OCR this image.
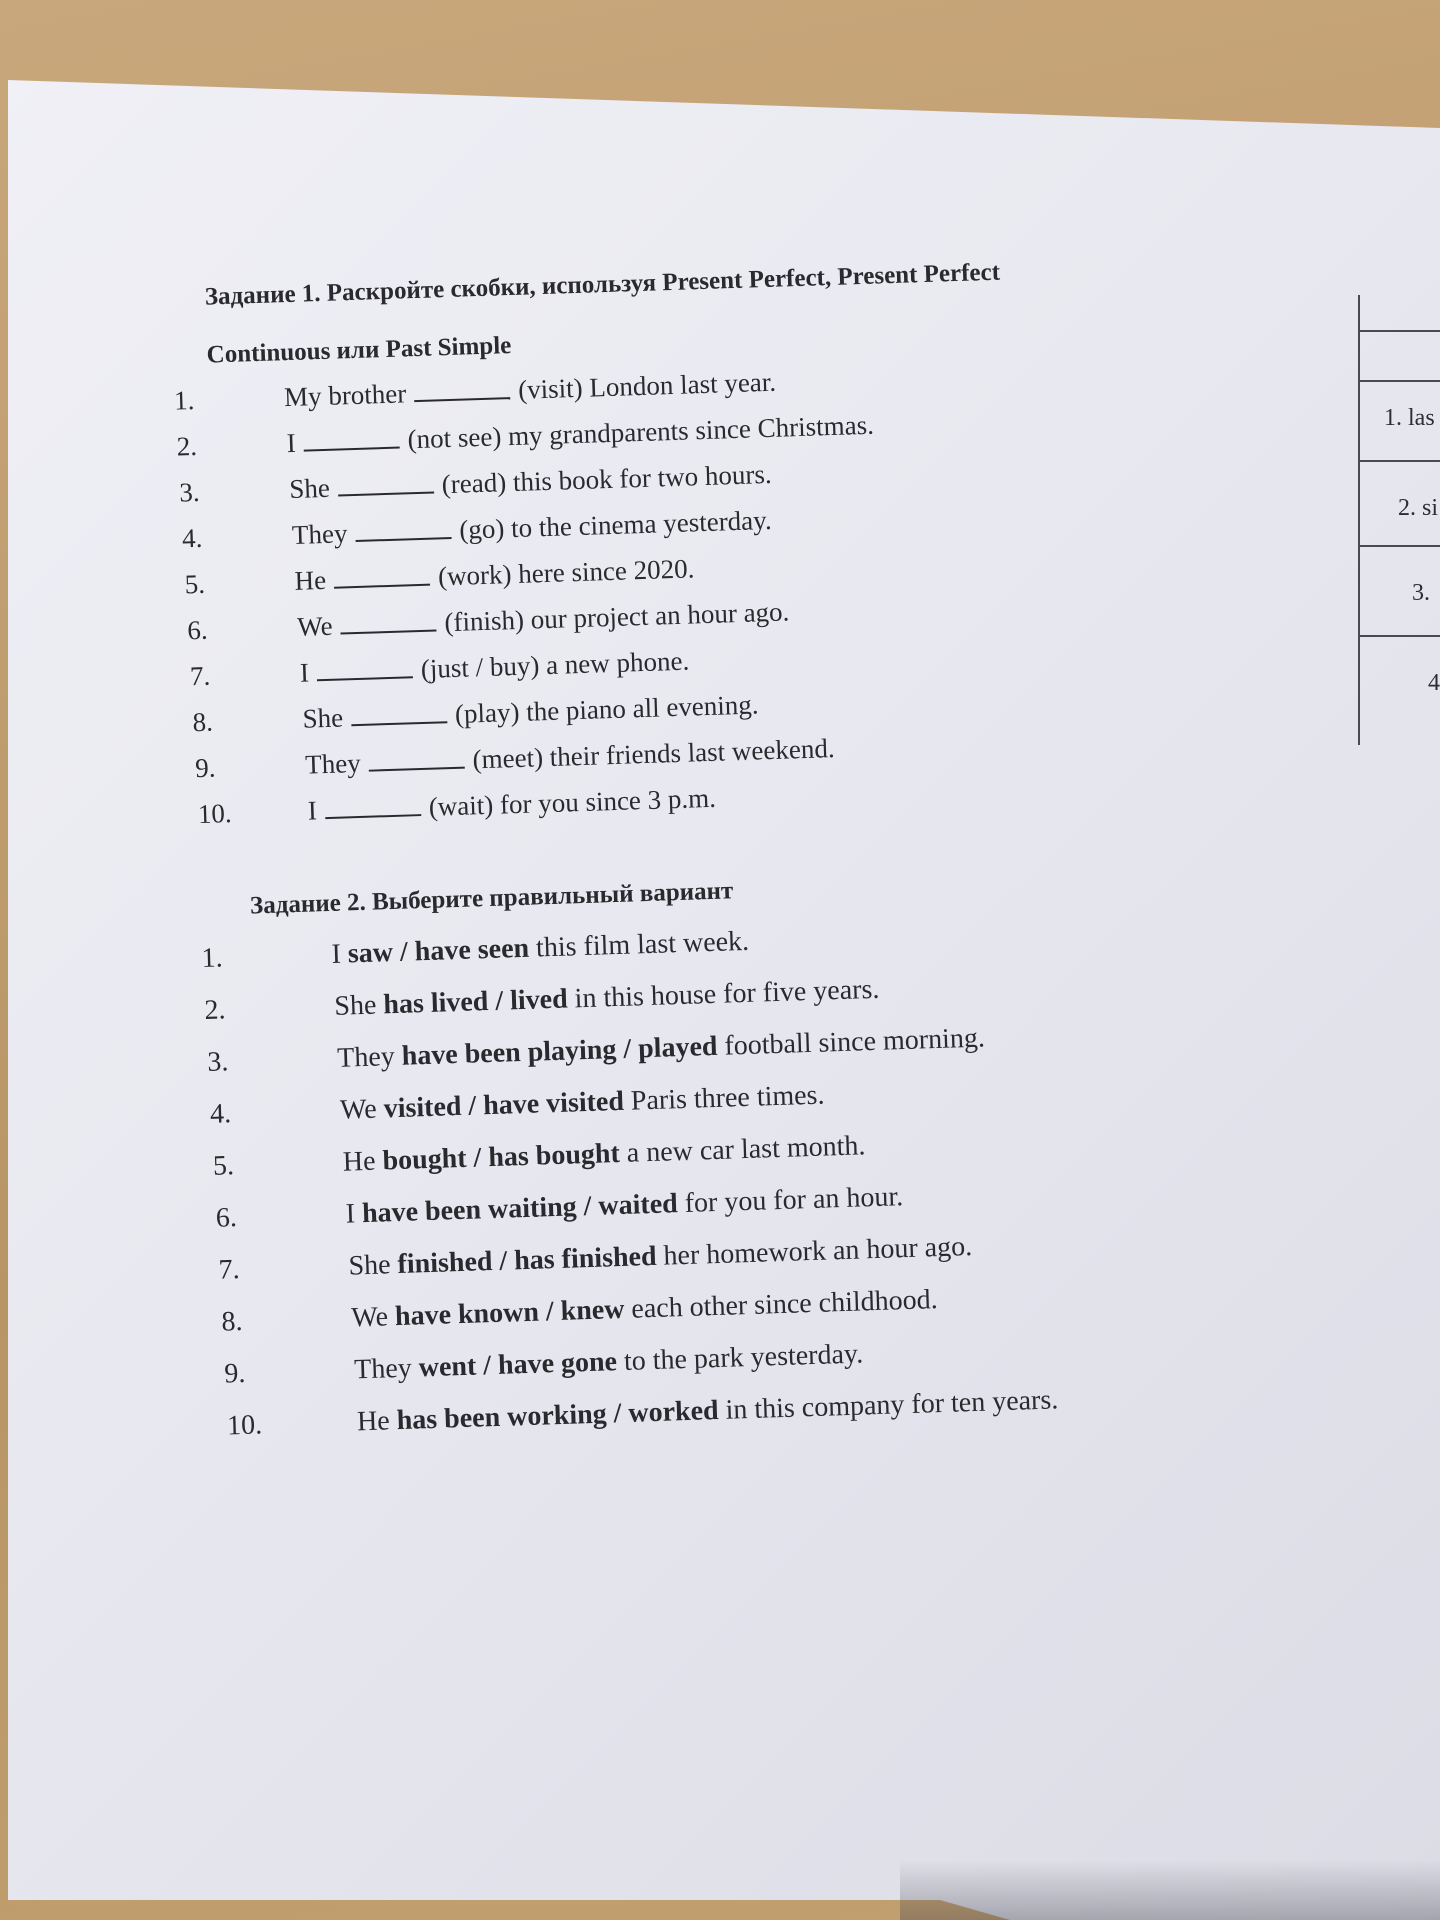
1. las
2. si
3.
4

Задание 1. Раскройте скобки, используя Present Perfect, Present Perfect

Continuous или Past Simple

1.	My brother	(visit) London last year.
2.	I	(not see) my grandparents since Christmas.
3.	She	(read) this book for two hours.
4.	They	(go) to the cinema yesterday.
5.	He	(work) here since 2020.
6.	We	(finish) our project an hour ago.
7.	I	(just / buy) a new phone.
8.	She	(play) the piano all evening.
9.	They	(meet) their friends last weekend.
10.	I	(wait) for you since 3 p.m.

Задание 2. Выберите правильный вариант

1.	I saw / have seen this film last week.
2.	She has lived / lived in this house for five years.
3.	They have been playing / played football since morning.
4.	We visited / have visited Paris three times.
5.	He bought / has bought a new car last month.
6.	I have been waiting / waited for you for an hour.
7.	She finished / has finished her homework an hour ago.
8.	We have known / knew each other since childhood.
9.	They went / have gone to the park yesterday.
10.	He has been working / worked in this company for ten years.
